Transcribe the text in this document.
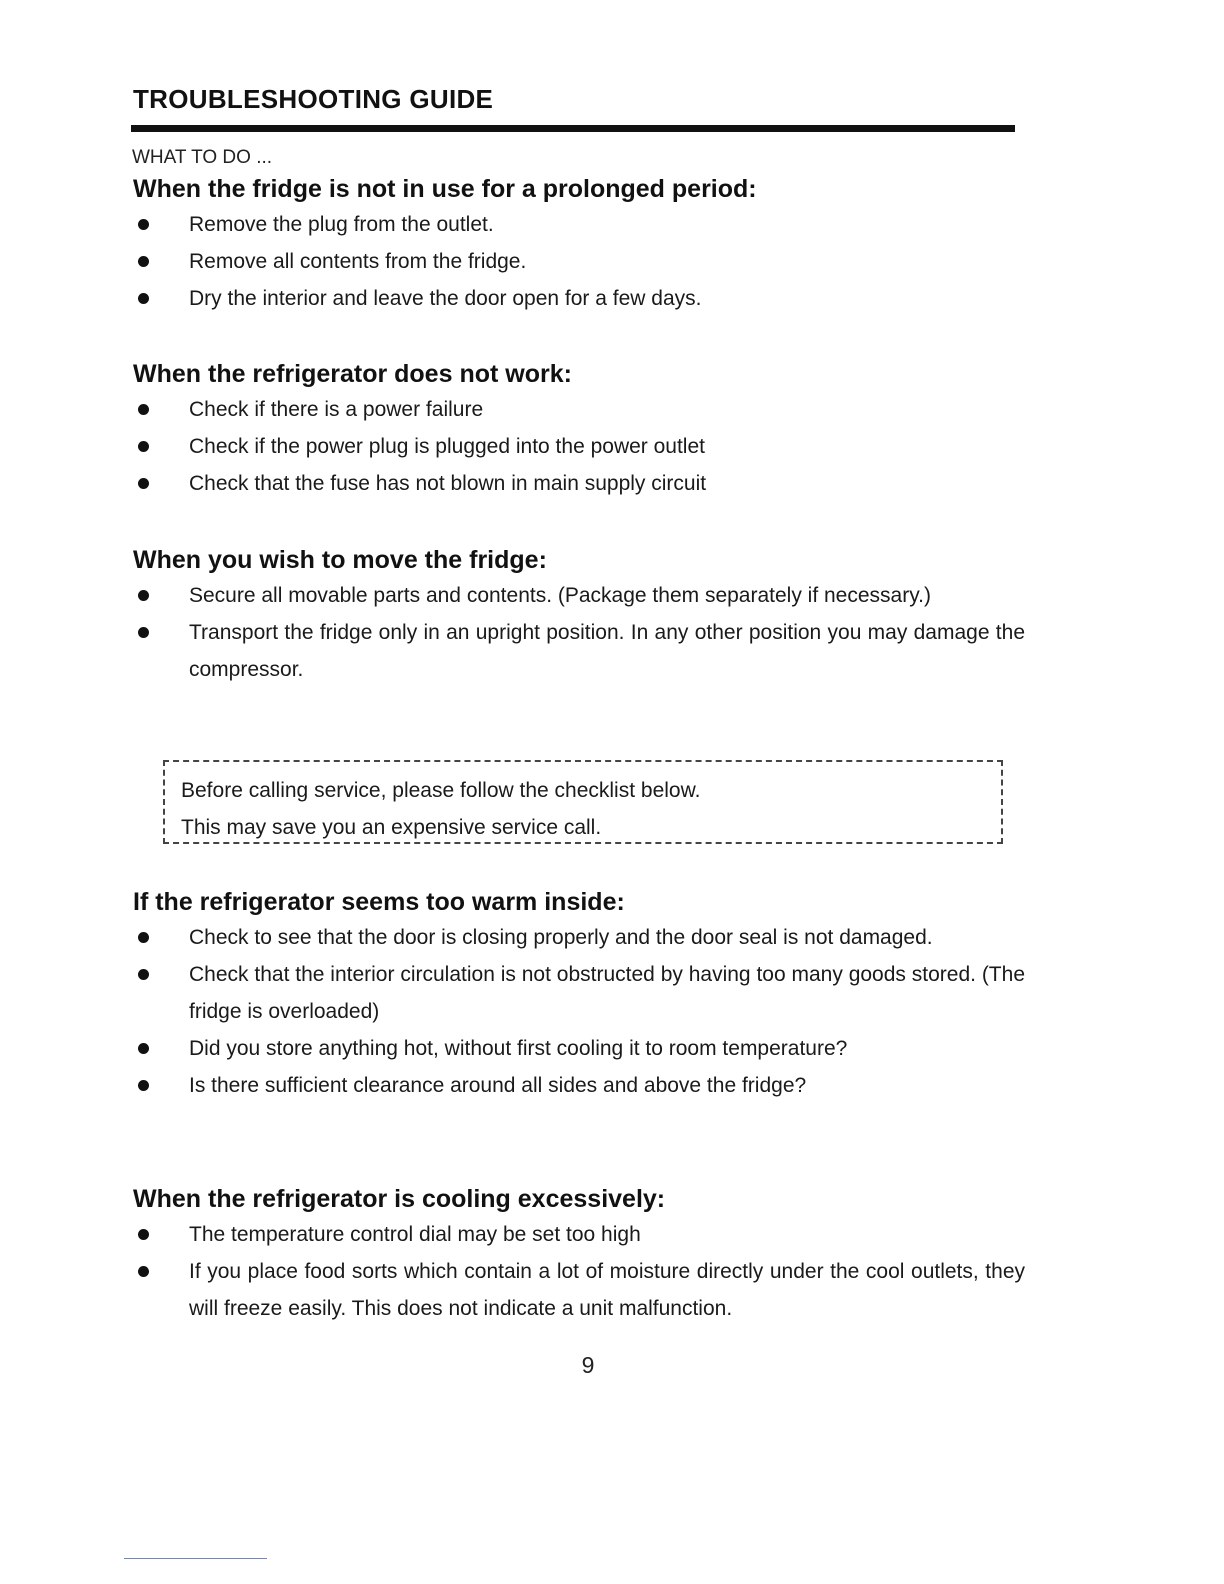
TROUBLESHOOTING GUIDE
WHAT TO DO ...
When the fridge is not in use for a prolonged period:
Remove the plug from the outlet.
Remove all contents from the fridge.
Dry the interior and leave the door open for a few days.
When the refrigerator does not work:
Check if there is a power failure
Check if the power plug is plugged into the power outlet
Check that the fuse has not blown in main supply circuit
When you wish to move the fridge:
Secure all movable parts and contents. (Package them separately if necessary.)
Transport the fridge only in an upright position. In any other position you may damage the compressor.

Before calling service, please follow the checklist below.

This may save you an expensive service call.

If the refrigerator seems too warm inside:
Check to see that the door is closing properly and the door seal is not damaged.
Check that the interior circulation is not obstructed by having too many goods stored. (The fridge is overloaded)
Did you store anything hot, without first cooling it to room temperature?
Is there sufficient clearance around all sides and above the fridge?
When the refrigerator is cooling excessively:
The temperature control dial may be set too high
If you place food sorts which contain a lot of moisture directly under the cool outlets, they will freeze easily. This does not indicate a unit malfunction.
9
